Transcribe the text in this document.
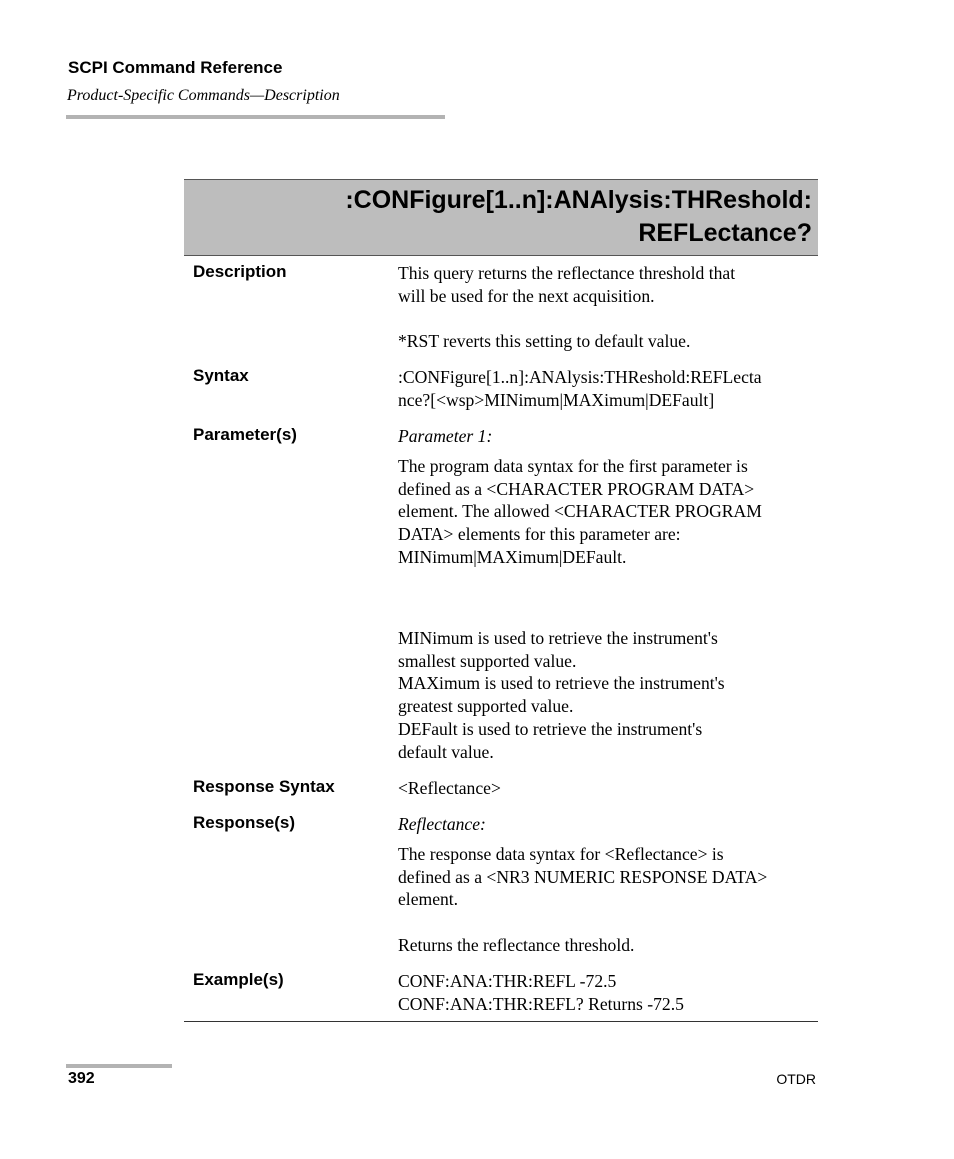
SCPI Command Reference
Product-Specific Commands—Description
:CONFigure[1..n]:ANAlysis:THReshold:
REFLectance?
Description	This query returns the reflectance threshold that
will be used for the next acquisition.
*RST reverts this setting to default value.
Syntax	:CONFigure[1..n]:ANAlysis:THReshold:REFLecta
nce?[<wsp>MINimum|MAXimum|DEFault]
Parameter(s)	Parameter 1:
The program data syntax for the first parameter is
defined as a <CHARACTER PROGRAM DATA>
element. The allowed <CHARACTER PROGRAM
DATA> elements for this parameter are:
MINimum|MAXimum|DEFault.
MINimum is used to retrieve the instrument's
smallest supported value.
MAXimum is used to retrieve the instrument's
greatest supported value.
DEFault is used to retrieve the instrument's
default value.
Response Syntax	<Reflectance>
Response(s)	Reflectance:
The response data syntax for <Reflectance> is
defined as a <NR3 NUMERIC RESPONSE DATA>
element.
Returns the reflectance threshold.
Example(s)	CONF:ANA:THR:REFL -72.5
CONF:ANA:THR:REFL? Returns -72.5
392	OTDR
